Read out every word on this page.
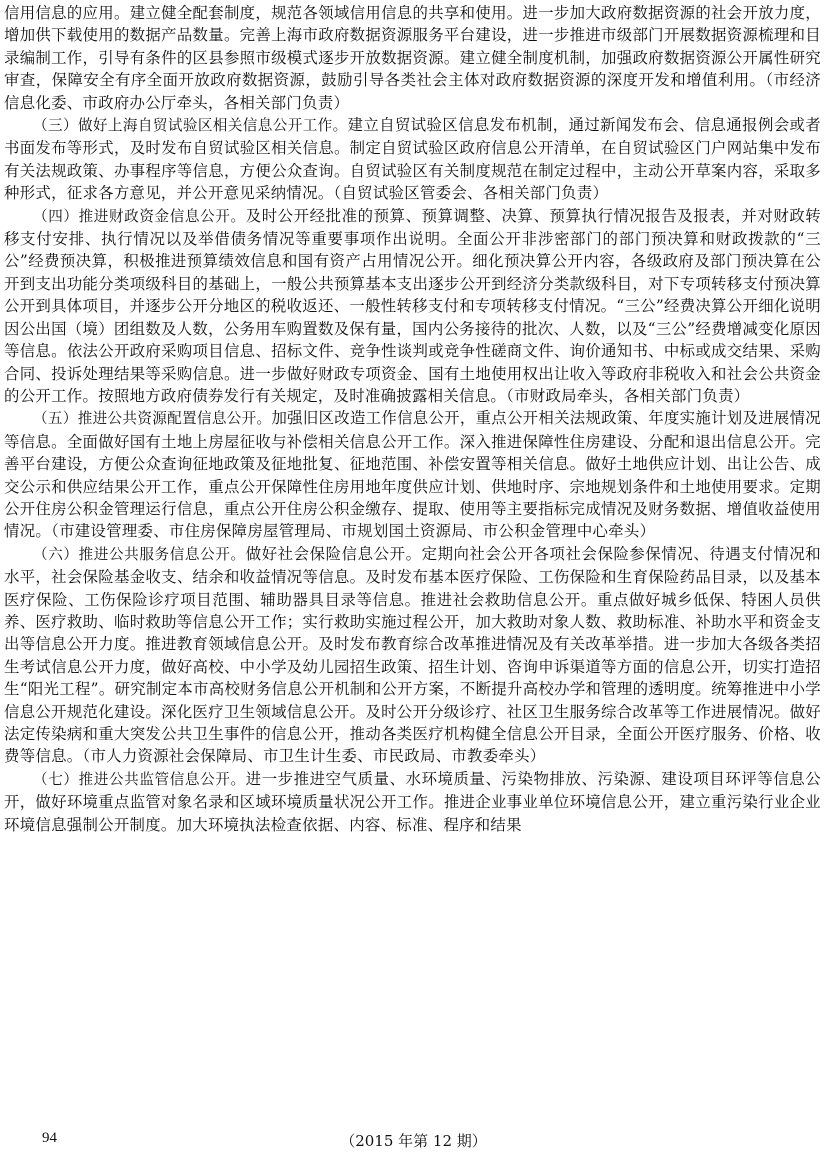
信用信息的应用。建立健全配套制度，规范各领域信用信息的共享和使用。进一步加大政府数据资源的社会开放力度，增加供下载使用的数据产品数量。完善上海市政府数据资源服务平台建设，进一步推进市级部门开展数据资源梳理和目录编制工作，引导有条件的区县参照市级模式逐步开放数据资源。建立健全制度机制，加强政府数据资源公开属性研究审查，保障安全有序全面开放政府数据资源，鼓励引导各类社会主体对政府数据资源的深度开发和增值利用。（市经济信息化委、市政府办公厅牵头，各相关部门负责）

（三）做好上海自贸试验区相关信息公开工作。建立自贸试验区信息发布机制，通过新闻发布会、信息通报例会或者书面发布等形式，及时发布自贸试验区相关信息。制定自贸试验区政府信息公开清单，在自贸试验区门户网站集中发布有关法规政策、办事程序等信息，方便公众查询。自贸试验区有关制度规范在制定过程中，主动公开草案内容，采取多种形式，征求各方意见，并公开意见采纳情况。（自贸试验区管委会、各相关部门负责）

（四）推进财政资金信息公开。及时公开经批准的预算、预算调整、决算、预算执行情况报告及报表，并对财政转移支付安排、执行情况以及举借债务情况等重要事项作出说明。全面公开非涉密部门的部门预决算和财政拨款的“三公”经费预决算，积极推进预算绩效信息和国有资产占用情况公开。细化预决算公开内容，各级政府及部门预决算在公开到支出功能分类项级科目的基础上，一般公共预算基本支出逐步公开到经济分类款级科目，对下专项转移支付预决算公开到具体项目，并逐步公开分地区的税收返还、一般性转移支付和专项转移支付情况。“三公”经费决算公开细化说明因公出国（境）团组数及人数，公务用车购置数及保有量，国内公务接待的批次、人数，以及“三公”经费增减变化原因等信息。依法公开政府采购项目信息、招标文件、竞争性谈判或竞争性磋商文件、询价通知书、中标或成交结果、采购合同、投诉处理结果等采购信息。进一步做好财政专项资金、国有土地使用权出让收入等政府非税收入和社会公共资金的公开工作。按照地方政府债券发行有关规定，及时准确披露相关信息。（市财政局牵头，各相关部门负责）

（五）推进公共资源配置信息公开。加强旧区改造工作信息公开，重点公开相关法规政策、年度实施计划及进展情况等信息。全面做好国有土地上房屋征收与补偿相关信息公开工作。深入推进保障性住房建设、分配和退出信息公开。完善平台建设，方便公众查询征地政策及征地批复、征地范围、补偿安置等相关信息。做好土地供应计划、出让公告、成交公示和供应结果公开工作，重点公开保障性住房用地年度供应计划、供地时序、宗地规划条件和土地使用要求。定期公开住房公积金管理运行信息，重点公开住房公积金缴存、提取、使用等主要指标完成情况及财务数据、增值收益使用情况。（市建设管理委、市住房保障房屋管理局、市规划国土资源局、市公积金管理中心牵头）

（六）推进公共服务信息公开。做好社会保险信息公开。定期向社会公开各项社会保险参保情况、待遇支付情况和水平，社会保险基金收支、结余和收益情况等信息。及时发布基本医疗保险、工伤保险和生育保险药品目录，以及基本医疗保险、工伤保险诊疗项目范围、辅助器具目录等信息。推进社会救助信息公开。重点做好城乡低保、特困人员供养、医疗救助、临时救助等信息公开工作；实行救助实施过程公开，加大救助对象人数、救助标准、补助水平和资金支出等信息公开力度。推进教育领域信息公开。及时发布教育综合改革推进情况及有关改革举措。进一步加大各级各类招生考试信息公开力度，做好高校、中小学及幼儿园招生政策、招生计划、咨询申诉渠道等方面的信息公开，切实打造招生“阳光工程”。研究制定本市高校财务信息公开机制和公开方案，不断提升高校办学和管理的透明度。统筹推进中小学信息公开规范化建设。深化医疗卫生领域信息公开。及时公开分级诊疗、社区卫生服务综合改革等工作进展情况。做好法定传染病和重大突发公共卫生事件的信息公开，推动各类医疗机构健全信息公开目录，全面公开医疗服务、价格、收费等信息。（市人力资源社会保障局、市卫生计生委、市民政局、市教委牵头）

（七）推进公共监管信息公开。进一步推进空气质量、水环境质量、污染物排放、污染源、建设项目环评等信息公开，做好环境重点监管对象名录和区域环境质量状况公开工作。推进企业事业单位环境信息公开，建立重污染行业企业环境信息强制公开制度。加大环境执法检查依据、内容、标准、程序和结果

94	（2015 年第 12 期）
